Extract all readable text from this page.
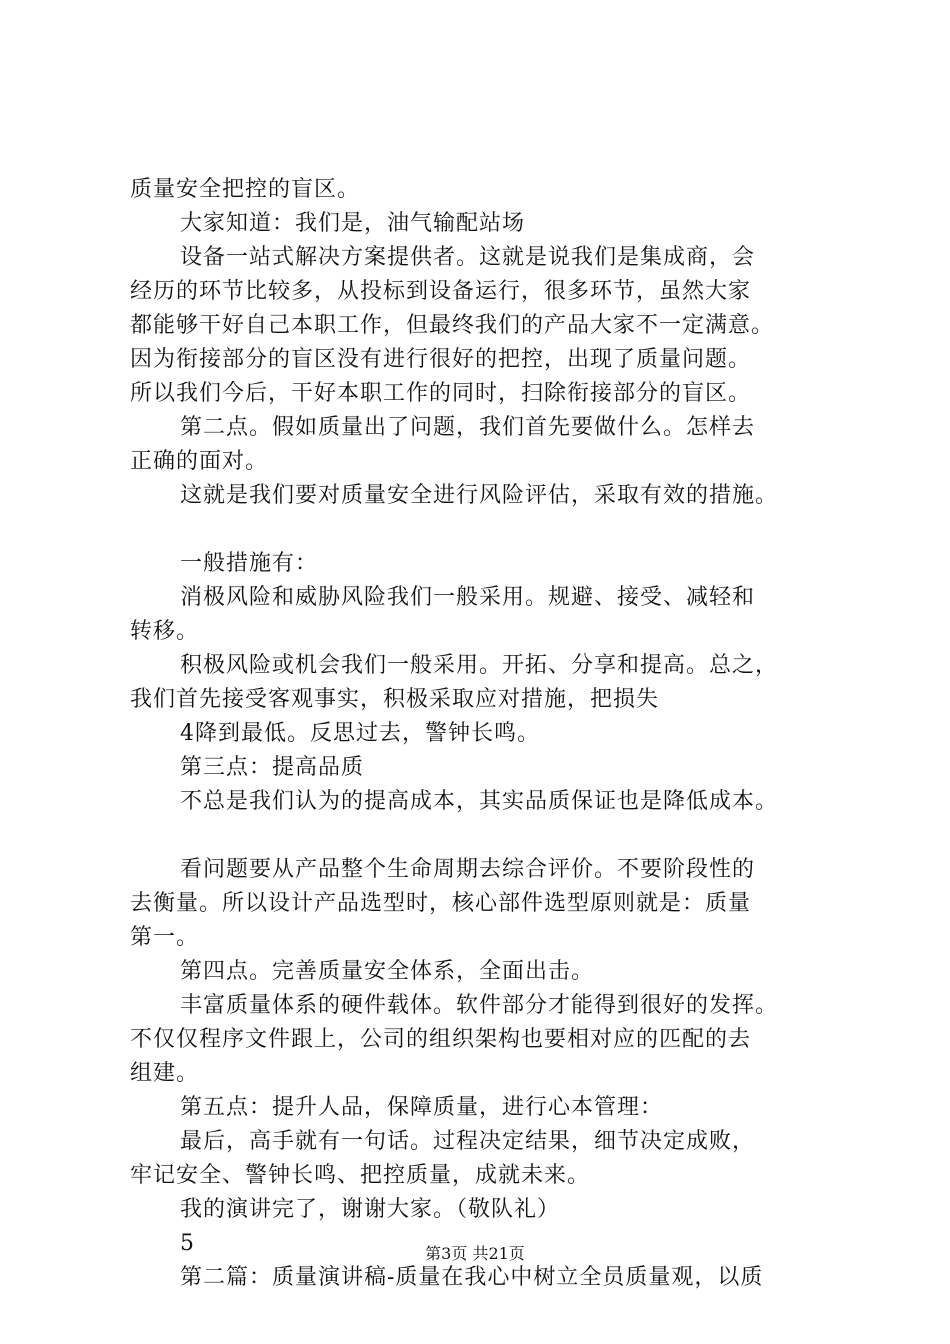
质量安全把控的盲区。
大家知道：我们是，油气输配站场
设备一站式解决方案提供者。这就是说我们是集成商，会
经历的环节比较多，从投标到设备运行，很多环节，虽然大家
都能够干好自己本职工作，但最终我们的产品大家不一定满意。
因为衔接部分的盲区没有进行很好的把控，出现了质量问题。
所以我们今后，干好本职工作的同时，扫除衔接部分的盲区。
第二点。假如质量出了问题，我们首先要做什么。怎样去
正确的面对。
这就是我们要对质量安全进行风险评估，采取有效的措施。
一般措施有：
消极风险和威胁风险我们一般采用。规避、接受、减轻和
转移。
积极风险或机会我们一般采用。开拓、分享和提高。总之，
我们首先接受客观事实，积极采取应对措施，把损失
4降到最低。反思过去，警钟长鸣。
第三点：提高品质
不总是我们认为的提高成本，其实品质保证也是降低成本。
看问题要从产品整个生命周期去综合评价。不要阶段性的
去衡量。所以设计产品选型时，核心部件选型原则就是：质量
第一。
第四点。完善质量安全体系，全面出击。
丰富质量体系的硬件载体。软件部分才能得到很好的发挥。
不仅仅程序文件跟上，公司的组织架构也要相对应的匹配的去
组建。
第五点：提升人品，保障质量，进行心本管理：
最后，高手就有一句话。过程决定结果，细节决定成败，
牢记安全、警钟长鸣、把控质量，成就未来。
我的演讲完了，谢谢大家。（敬队礼）
5
第二篇：质量演讲稿-质量在我心中树立全员质量观，以质
第3页 共21页
